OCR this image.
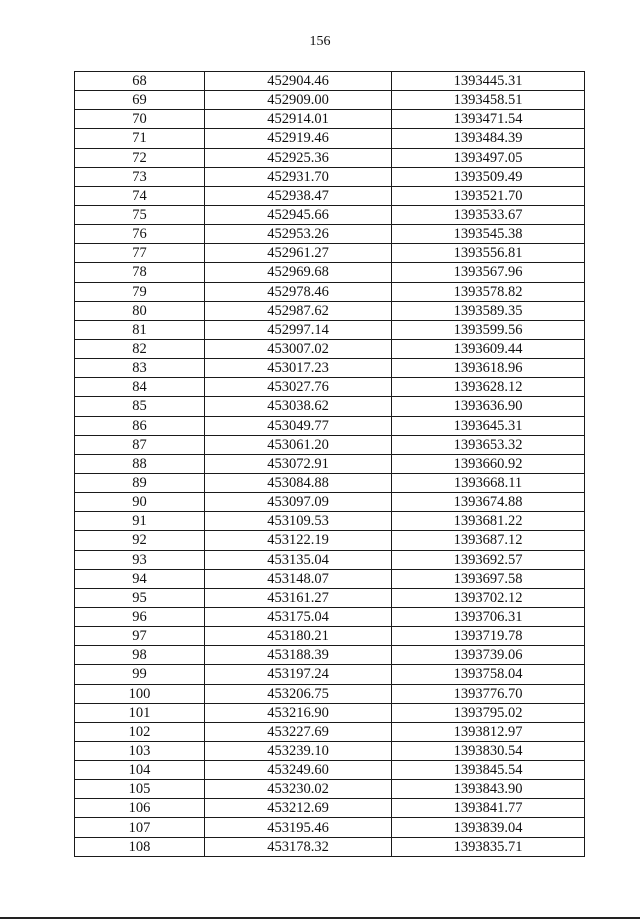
156
68	452904.46	1393445.31
69	452909.00	1393458.51
70	452914.01	1393471.54
71	452919.46	1393484.39
72	452925.36	1393497.05
73	452931.70	1393509.49
74	452938.47	1393521.70
75	452945.66	1393533.67
76	452953.26	1393545.38
77	452961.27	1393556.81
78	452969.68	1393567.96
79	452978.46	1393578.82
80	452987.62	1393589.35
81	452997.14	1393599.56
82	453007.02	1393609.44
83	453017.23	1393618.96
84	453027.76	1393628.12
85	453038.62	1393636.90
86	453049.77	1393645.31
87	453061.20	1393653.32
88	453072.91	1393660.92
89	453084.88	1393668.11
90	453097.09	1393674.88
91	453109.53	1393681.22
92	453122.19	1393687.12
93	453135.04	1393692.57
94	453148.07	1393697.58
95	453161.27	1393702.12
96	453175.04	1393706.31
97	453180.21	1393719.78
98	453188.39	1393739.06
99	453197.24	1393758.04
100	453206.75	1393776.70
101	453216.90	1393795.02
102	453227.69	1393812.97
103	453239.10	1393830.54
104	453249.60	1393845.54
105	453230.02	1393843.90
106	453212.69	1393841.77
107	453195.46	1393839.04
108	453178.32	1393835.71
